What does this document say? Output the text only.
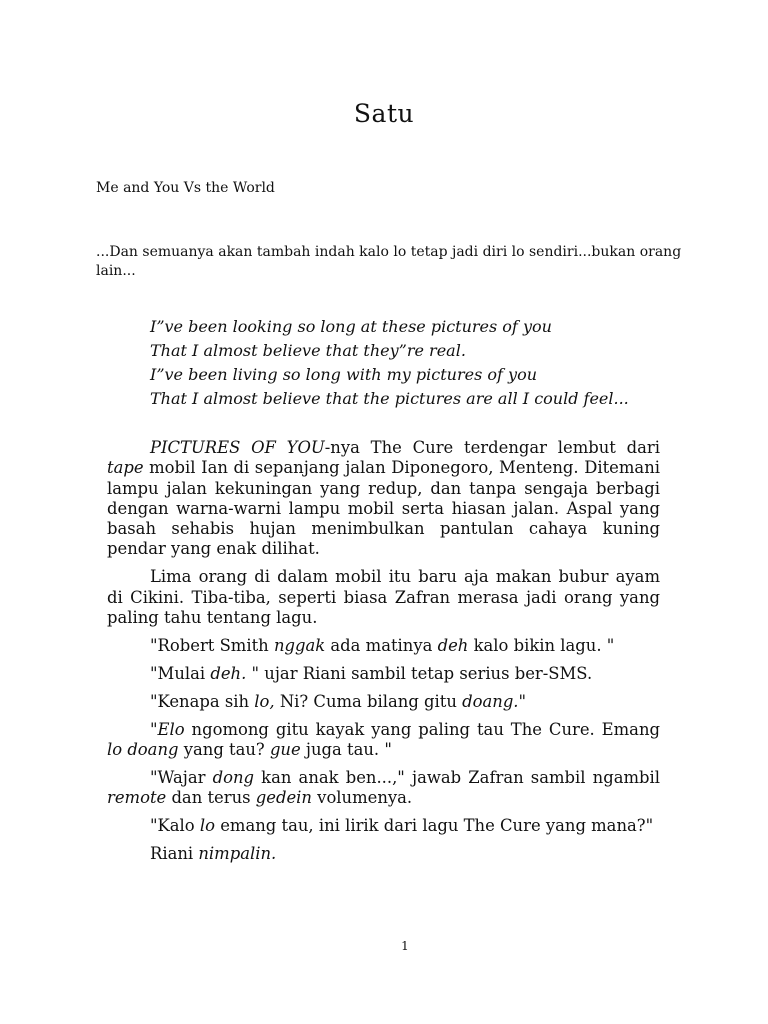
Satu
Me and You Vs the World
...Dan semuanya akan tambah indah kalo lo tetap jadi diri lo sendiri...bukan orang lain...
I”ve been looking so long at these pictures of you
That I almost believe that they”re real.
I”ve been living so long with my pictures of you
That I almost believe that the pictures are all I could feel...

PICTURES OF YOU-nya The Cure terdengar lembut dari tape mobil Ian di sepanjang jalan Diponegoro, Menteng. Ditemani lampu jalan kekuningan yang redup, dan tanpa sengaja berbagi dengan warna-warni lampu mobil serta hiasan jalan. Aspal yang basah sehabis hujan menimbulkan pantulan cahaya kuning pendar yang enak dilihat.

Lima orang di dalam mobil itu baru aja makan bubur ayam di Cikini. Tiba-tiba, seperti biasa Zafran merasa jadi orang yang paling tahu tentang lagu.

"Robert Smith nggak ada matinya deh kalo bikin lagu. "

"Mulai deh. " ujar Riani sambil tetap serius ber-SMS.

"Kenapa sih lo, Ni? Cuma bilang gitu doang."

"Elo ngomong gitu kayak yang paling tau The Cure. Emang lo doang yang tau? gue juga tau. "

"Wajar dong kan anak ben...," jawab Zafran sambil ngambil remote dan terus gedein volumenya.

"Kalo lo emang tau, ini lirik dari lagu The Cure yang mana?"

Riani nimpalin.

1
